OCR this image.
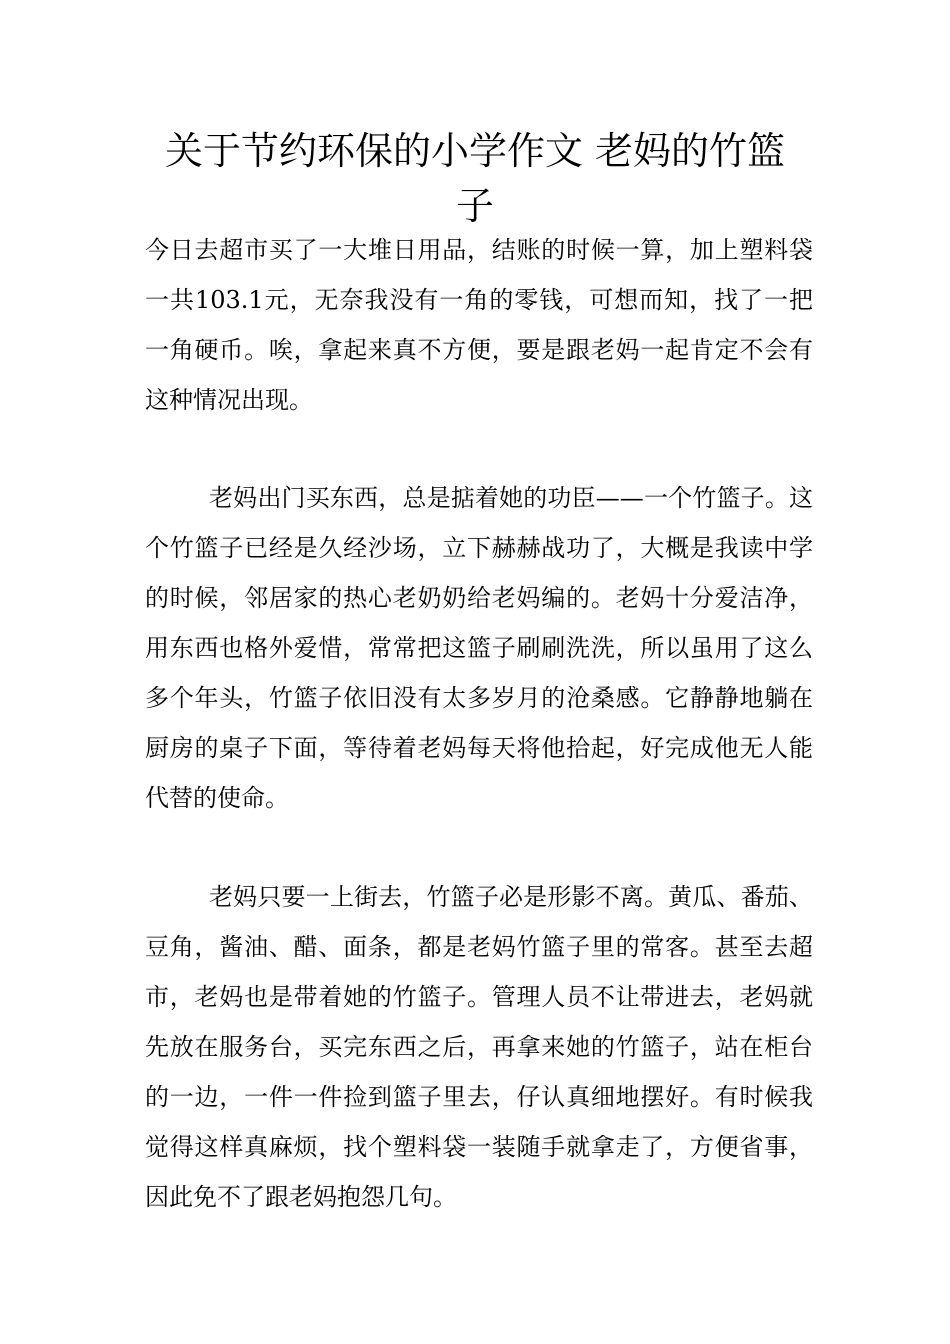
关于节约环保的小学作文 老妈的竹篮子

今日去超市买了一大堆日用品，结账的时候一算，加上塑料袋一共103.1元，无奈我没有一角的零钱，可想而知，找了一把一角硬币。唉，拿起来真不方便，要是跟老妈一起肯定不会有这种情况出现。

老妈出门买东西，总是掂着她的功臣——一个竹篮子。这个竹篮子已经是久经沙场，立下赫赫战功了，大概是我读中学的时候，邻居家的热心老奶奶给老妈编的。老妈十分爱洁净，用东西也格外爱惜，常常把这篮子刷刷洗洗，所以虽用了这么多个年头，竹篮子依旧没有太多岁月的沧桑感。它静静地躺在厨房的桌子下面，等待着老妈每天将他拾起，好完成他无人能代替的使命。

老妈只要一上街去，竹篮子必是形影不离。黄瓜、番茄、豆角，酱油、醋、面条，都是老妈竹篮子里的常客。甚至去超市，老妈也是带着她的竹篮子。管理人员不让带进去，老妈就先放在服务台，买完东西之后，再拿来她的竹篮子，站在柜台的一边，一件一件捡到篮子里去，仔认真细地摆好。有时候我觉得这样真麻烦，找个塑料袋一装随手就拿走了，方便省事，因此免不了跟老妈抱怨几句。
